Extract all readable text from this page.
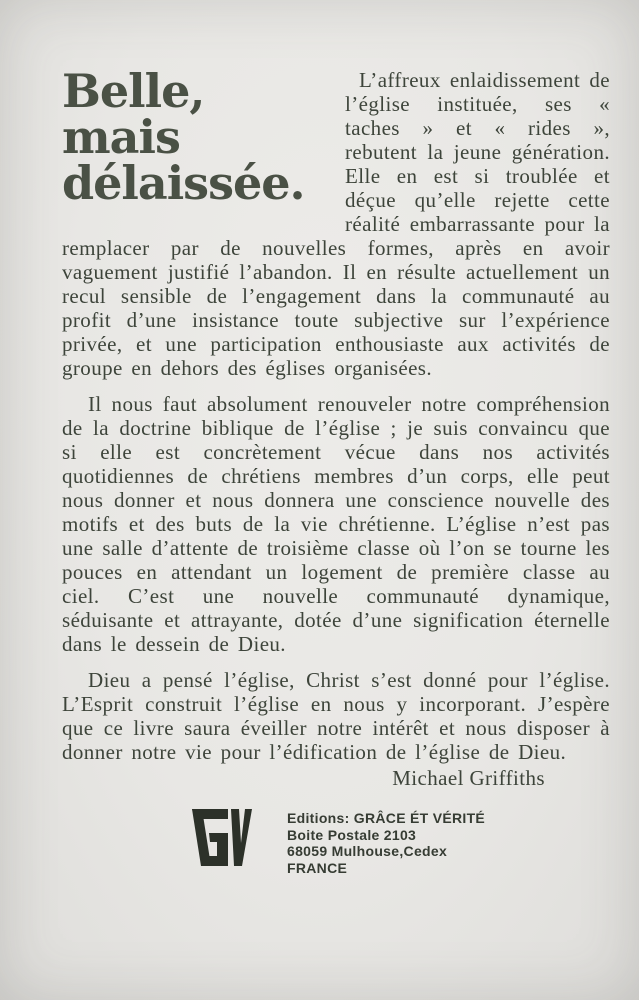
Belle,
mais
délaissée.

L’affreux enlaidissement de l’église instituée, ses « taches » et « rides », rebutent la jeune génération. Elle en est si troublée et déçue qu’elle rejette cette réalité embarrassante pour la remplacer par de nouvelles formes, après en avoir vaguement justifié l’abandon. Il en résulte actuellement un recul sensible de l’engagement dans la communauté au profit d’une insistance toute subjective sur l’expérience privée, et une participation enthousiaste aux activités de groupe en dehors des églises organisées.

Il nous faut absolument renouveler notre compréhension de la doctrine biblique de l’église ; je suis convaincu que si elle est concrètement vécue dans nos activités quotidiennes de chrétiens membres d’un corps, elle peut nous donner et nous donnera une conscience nouvelle des motifs et des buts de la vie chrétienne. L’église n’est pas une salle d’attente de troisième classe où l’on se tourne les pouces en attendant un logement de première classe au ciel. C’est une nouvelle communauté dynamique, séduisante et attrayante, dotée d’une signification éternelle dans le dessein de Dieu.

Dieu a pensé l’église, Christ s’est donné pour l’église. L’Esprit construit l’église en nous y incorporant. J’espère que ce livre saura éveiller notre intérêt et nous disposer à donner notre vie pour l’édification de l’église de Dieu.

Michael Griffiths

Editions: GRÂCE ÉT VÉRITÉ
Boite Postale 2103
68059 Mulhouse,Cedex
FRANCE
